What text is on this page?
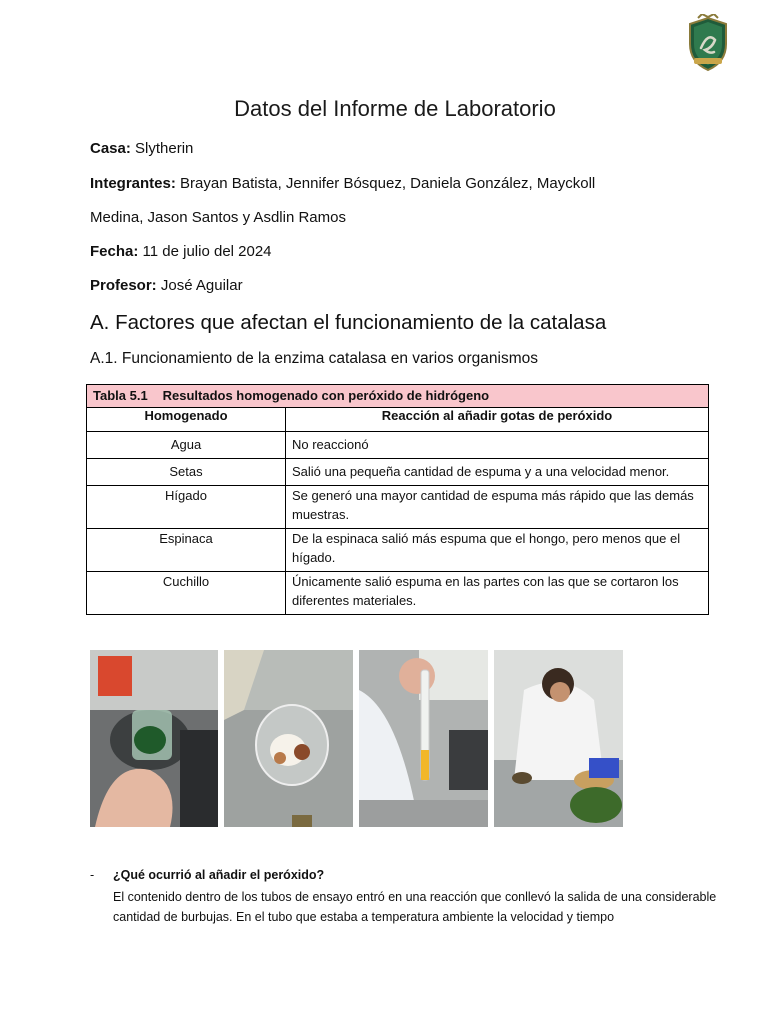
Datos del Informe de Laboratorio
Casa: Slytherin
Integrantes: Brayan Batista, Jennifer Bósquez, Daniela González, Mayckoll
Medina, Jason Santos y Asdlin Ramos
Fecha: 11 de julio del 2024
Profesor: José Aguilar
A. Factores que afectan el funcionamiento de la catalasa
A.1. Funcionamiento de la enzima catalasa en varios organismos
Tabla 5.1 Resultados homogenado con peróxido de hidrógeno	
Homogenado	Reacción al añadir gotas de peróxido
Agua	No reaccionó
Setas	Salió una pequeña cantidad de espuma y a una velocidad menor.
Hígado	Se generó una mayor cantidad de espuma más rápido que las demás muestras.
Espinaca	De la espinaca salió más espuma que el hongo, pero menos que el hígado.
Cuchillo	Únicamente salió espuma en las partes con las que se cortaron los diferentes materiales.
- ¿Qué ocurrió al añadir el peróxido?
El contenido dentro de los tubos de ensayo entró en una reacción que conllevó la salida de una considerable cantidad de burbujas. En el tubo que estaba a temperatura ambiente la velocidad y tiempo
